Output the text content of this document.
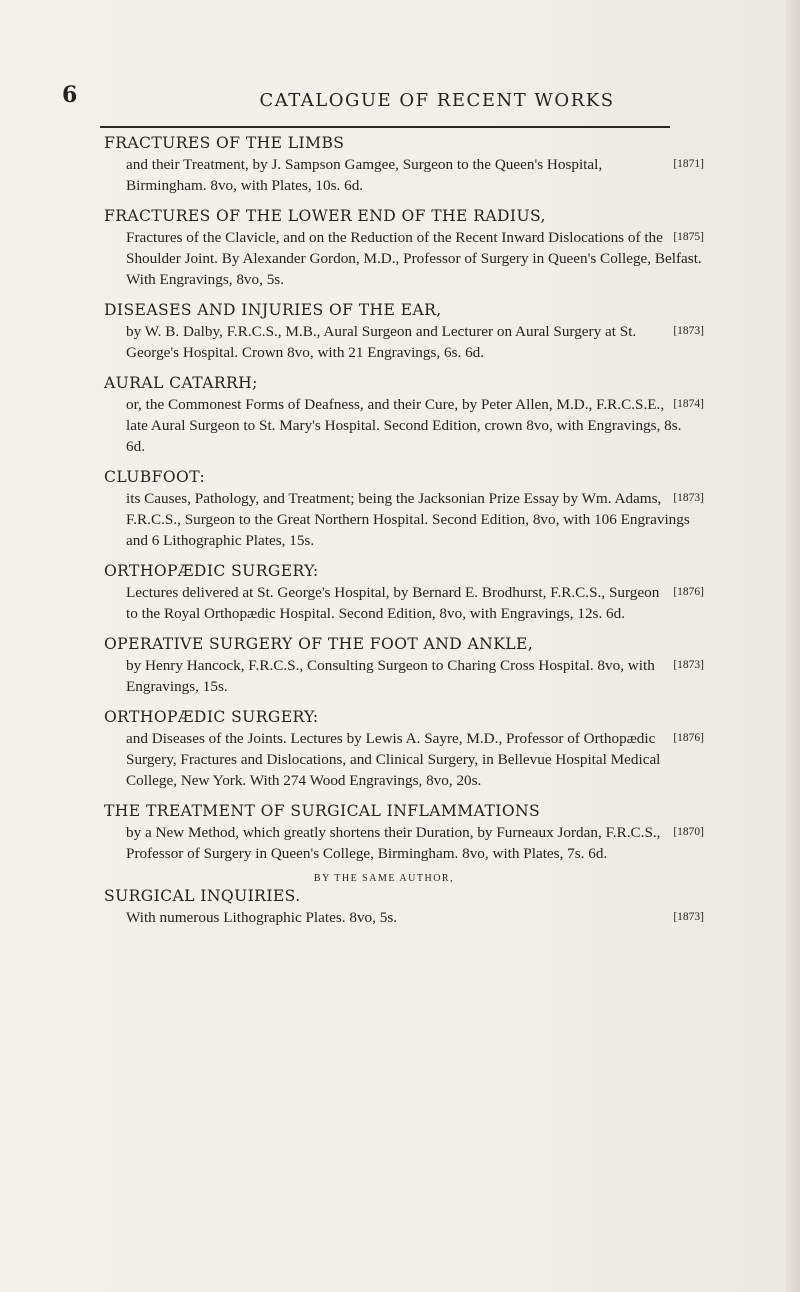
6	CATALOGUE OF RECENT WORKS
FRACTURES OF THE LIMBS
[1871]
and their Treatment, by J. Sampson Gamgee, Surgeon to the Queen's Hospital, Birmingham. 8vo, with Plates, 10s. 6d.
FRACTURES OF THE LOWER END OF THE RADIUS,
[1875]
Fractures of the Clavicle, and on the Reduction of the Recent Inward Dislocations of the Shoulder Joint. By Alexander Gordon, M.D., Professor of Surgery in Queen's College, Belfast. With Engravings, 8vo, 5s.
DISEASES AND INJURIES OF THE EAR,
[1873]
by W. B. Dalby, F.R.C.S., M.B., Aural Surgeon and Lecturer on Aural Surgery at St. George's Hospital. Crown 8vo, with 21 Engravings, 6s. 6d.
AURAL CATARRH;
[1874]
or, the Commonest Forms of Deafness, and their Cure, by Peter Allen, M.D., F.R.C.S.E., late Aural Surgeon to St. Mary's Hospital. Second Edition, crown 8vo, with Engravings, 8s. 6d.
CLUBFOOT:
[1873]
its Causes, Pathology, and Treatment; being the Jacksonian Prize Essay by Wm. Adams, F.R.C.S., Surgeon to the Great Northern Hospital. Second Edition, 8vo, with 106 Engravings and 6 Lithographic Plates, 15s.
ORTHOPÆDIC SURGERY:
[1876]
Lectures delivered at St. George's Hospital, by Bernard E. Brodhurst, F.R.C.S., Surgeon to the Royal Orthopædic Hospital. Second Edition, 8vo, with Engravings, 12s. 6d.
OPERATIVE SURGERY OF THE FOOT AND ANKLE,
[1873]
by Henry Hancock, F.R.C.S., Consulting Surgeon to Charing Cross Hospital. 8vo, with Engravings, 15s.
ORTHOPÆDIC SURGERY:
[1876]
and Diseases of the Joints. Lectures by Lewis A. Sayre, M.D., Professor of Orthopædic Surgery, Fractures and Dislocations, and Clinical Surgery, in Bellevue Hospital Medical College, New York. With 274 Wood Engravings, 8vo, 20s.
THE TREATMENT OF SURGICAL INFLAMMATIONS
[1870]
by a New Method, which greatly shortens their Duration, by Furneaux Jordan, F.R.C.S., Professor of Surgery in Queen's College, Birmingham. 8vo, with Plates, 7s. 6d.
BY THE SAME AUTHOR,
SURGICAL INQUIRIES.
[1873]
With numerous Lithographic Plates. 8vo, 5s.
